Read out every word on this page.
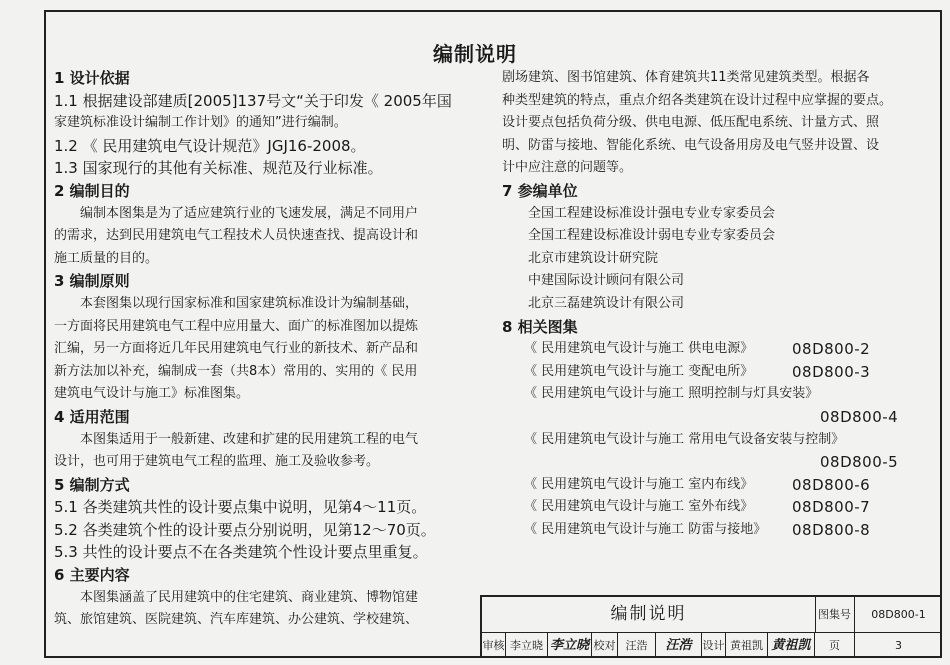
编制说明
1 设计依据
1.1 根据建设部建质[2005]137号文“关于印发《 2005年国
家建筑标准设计编制工作计划》的通知”进行编制。
1.2 《 民用建筑电气设计规范》JGJ16-2008。
1.3 国家现行的其他有关标准、规范及行业标准。
2 编制目的
编制本图集是为了适应建筑行业的飞速发展，满足不同用户
的需求，达到民用建筑电气工程技术人员快速查找、提高设计和
施工质量的目的。
3 编制原则
本套图集以现行国家标准和国家建筑标准设计为编制基础，
一方面将民用建筑电气工程中应用量大、面广的标准图加以提炼
汇编，另一方面将近几年民用建筑电气行业的新技术、新产品和
新方法加以补充，编制成一套（共8本）常用的、实用的《 民用
建筑电气设计与施工》标准图集。
4 适用范围
本图集适用于一般新建、改建和扩建的民用建筑工程的电气
设计，也可用于建筑电气工程的监理、施工及验收参考。
5 编制方式
5.1 各类建筑共性的设计要点集中说明，见第4～11页。
5.2 各类建筑个性的设计要点分别说明，见第12～70页。
5.3 共性的设计要点不在各类建筑个性设计要点里重复。
6 主要内容
本图集涵盖了民用建筑中的住宅建筑、商业建筑、博物馆建
筑、旅馆建筑、医院建筑、汽车库建筑、办公建筑、学校建筑、
剧场建筑、图书馆建筑、体育建筑共11类常见建筑类型。根据各
种类型建筑的特点，重点介绍各类建筑在设计过程中应掌握的要点。
设计要点包括负荷分级、供电电源、低压配电系统、计量方式、照
明、防雷与接地、智能化系统、电气设备用房及电气竖井设置、设
计中应注意的问题等。
7 参编单位
全国工程建设标准设计强电专业专家委员会
全国工程建设标准设计弱电专业专家委员会
北京市建筑设计研究院
中建国际设计顾问有限公司
北京三磊建筑设计有限公司
8 相关图集
《 民用建筑电气设计与施工 供电电源》	08D800-2
《 民用建筑电气设计与施工 变配电所》	08D800-3
《 民用建筑电气设计与施工 照明控制与灯具安装》
08D800-4
《 民用建筑电气设计与施工 常用电气设备安装与控制》
08D800-5
《 民用建筑电气设计与施工 室内布线》	08D800-6
《 民用建筑电气设计与施工 室外布线》	08D800-7
《 民用建筑电气设计与施工 防雷与接地》	08D800-8
编制说明	图集号	08D800-1
审核 李立晓 李立晓 校对 汪浩	汪浩	设计 黄祖凯 黄祖凯	页	3
